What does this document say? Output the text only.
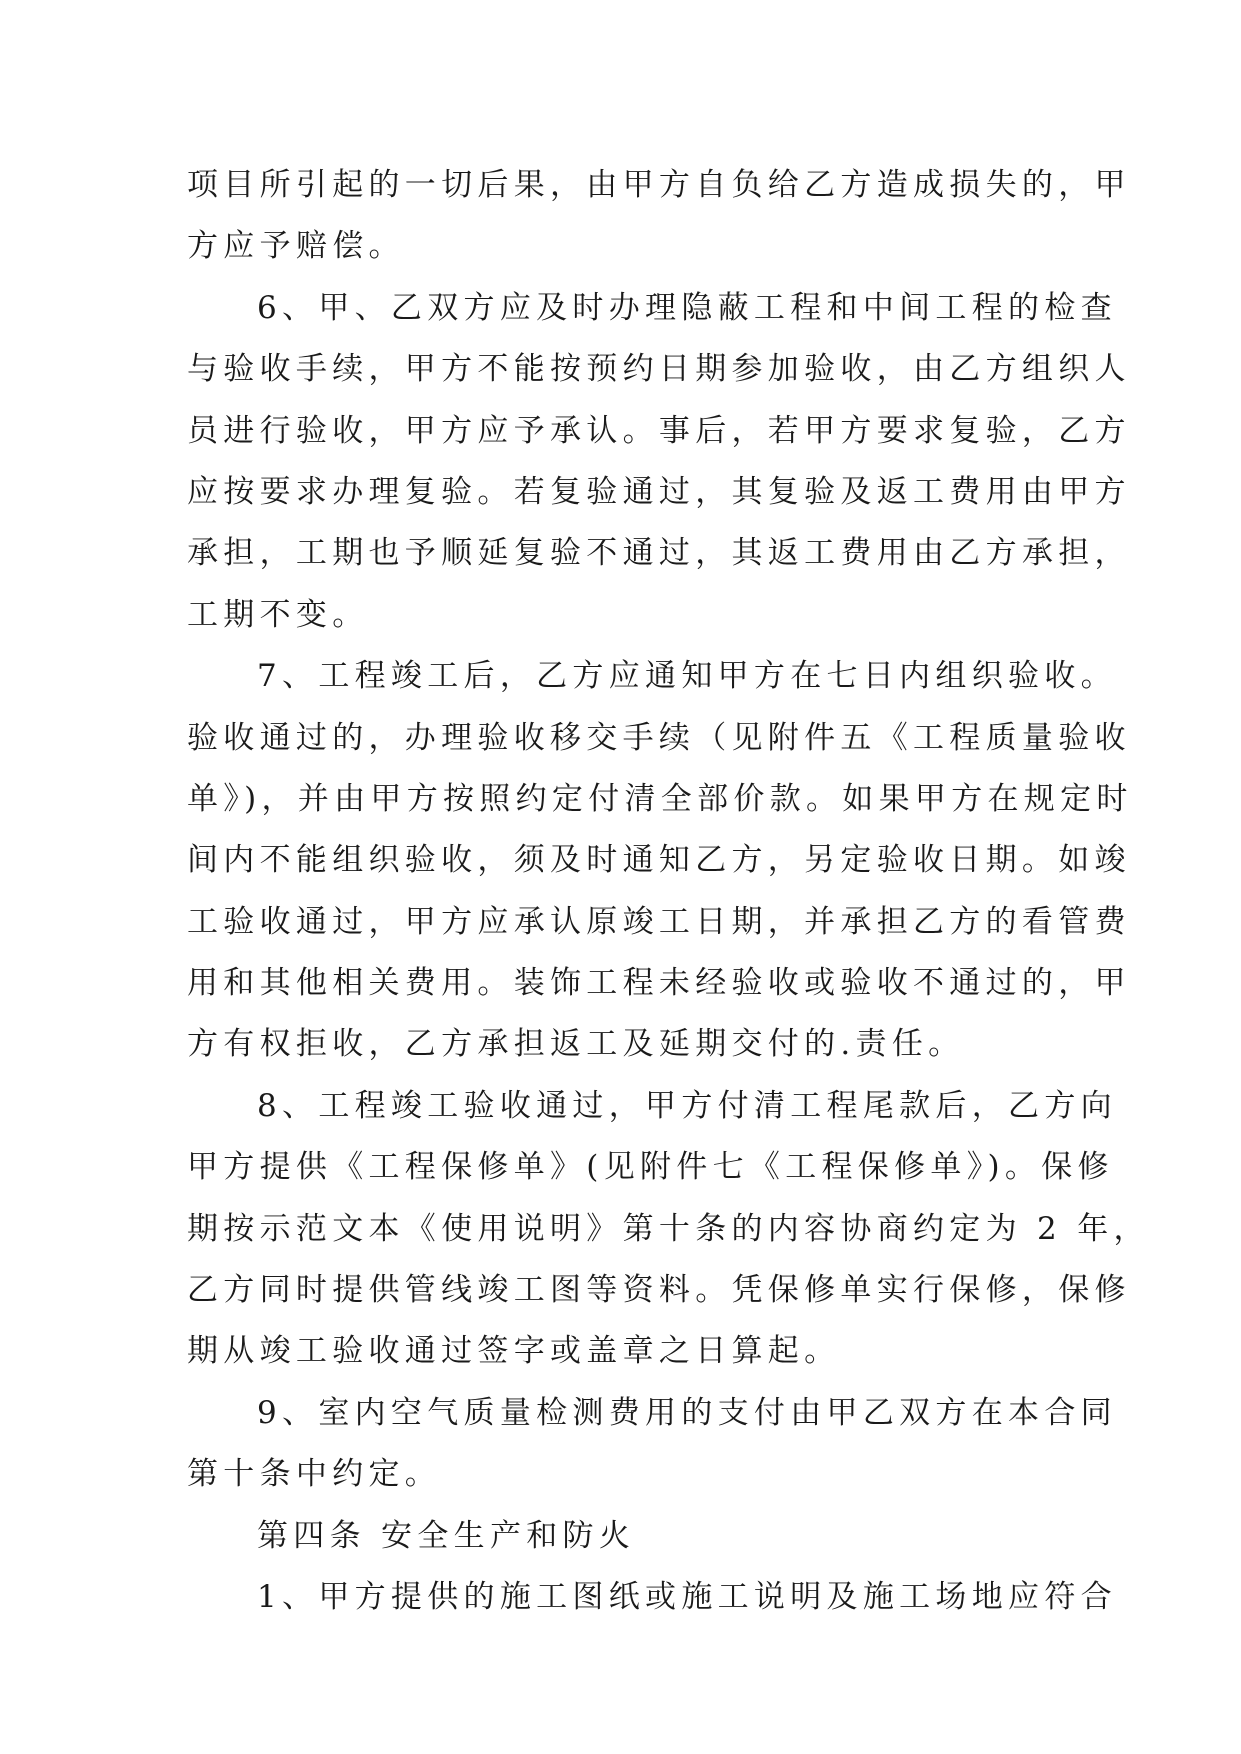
项目所引起的一切后果，由甲方自负给乙方造成损失的，甲
方应予赔偿。
6、甲、乙双方应及时办理隐蔽工程和中间工程的检查
与验收手续，甲方不能按预约日期参加验收，由乙方组织人
员进行验收，甲方应予承认。事后，若甲方要求复验，乙方
应按要求办理复验。若复验通过，其复验及返工费用由甲方
承担，工期也予顺延复验不通过，其返工费用由乙方承担，
工期不变。
7、工程竣工后，乙方应通知甲方在七日内组织验收。
验收通过的，办理验收移交手续（见附件五《工程质量验收
单》)，并由甲方按照约定付清全部价款。如果甲方在规定时
间内不能组织验收，须及时通知乙方，另定验收日期。如竣
工验收通过，甲方应承认原竣工日期，并承担乙方的看管费
用和其他相关费用。装饰工程未经验收或验收不通过的，甲
方有权拒收，乙方承担返工及延期交付的.责任。
8、工程竣工验收通过，甲方付清工程尾款后，乙方向
甲方提供《工程保修单》(见附件七《工程保修单》)。保修
期按示范文本《使用说明》第十条的内容协商约定为 2 年，
乙方同时提供管线竣工图等资料。凭保修单实行保修，保修
期从竣工验收通过签字或盖章之日算起。
9、室内空气质量检测费用的支付由甲乙双方在本合同
第十条中约定。
第四条 安全生产和防火
1、甲方提供的施工图纸或施工说明及施工场地应符合
